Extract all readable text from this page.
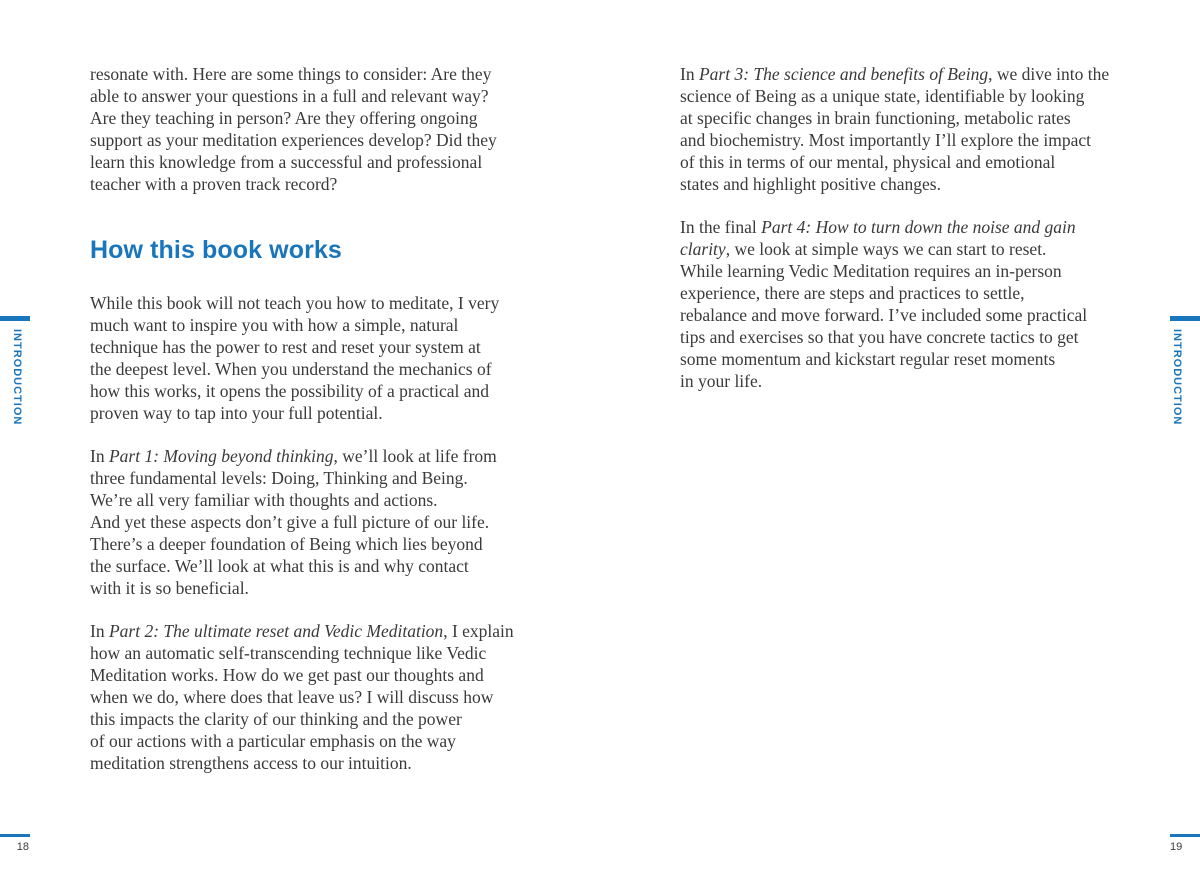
INTRODUCTION	INTRODUCTION
resonate with. Here are some things to consider: Are they
able to answer your questions in a full and relevant way?
Are they teaching in person? Are they offering ongoing
support as your meditation experiences develop? Did they
learn this knowledge from a successful and professional
teacher with a proven track record?
How this book works
While this book will not teach you how to meditate, I very
much want to inspire you with how a simple, natural
technique has the power to rest and reset your system at
the deepest level. When you understand the mechanics of
how this works, it opens the possibility of a practical and
proven way to tap into your full potential.
In Part 1: Moving beyond thinking, we’ll look at life from
three fundamental levels: Doing, Thinking and Being.
We’re all very familiar with thoughts and actions.
And yet these aspects don’t give a full picture of our life.
There’s a deeper foundation of Being which lies beyond
the surface. We’ll look at what this is and why contact
with it is so beneficial.
In Part 2: The ultimate reset and Vedic Meditation, I explain
how an automatic self-transcending technique like Vedic
Meditation works. How do we get past our thoughts and
when we do, where does that leave us? I will discuss how
this impacts the clarity of our thinking and the power
of our actions with a particular emphasis on the way
meditation strengthens access to our intuition.
In Part 3: The science and benefits of Being, we dive into the
science of Being as a unique state, identifiable by looking
at specific changes in brain functioning, metabolic rates
and biochemistry. Most importantly I’ll explore the impact
of this in terms of our mental, physical and emotional
states and highlight positive changes.
In the final Part 4: How to turn down the noise and gain
clarity, we look at simple ways we can start to reset.
While learning Vedic Meditation requires an in-person
experience, there are steps and practices to settle,
rebalance and move forward. I’ve included some practical
tips and exercises so that you have concrete tactics to get
some momentum and kickstart regular reset moments
in your life.
18	19
